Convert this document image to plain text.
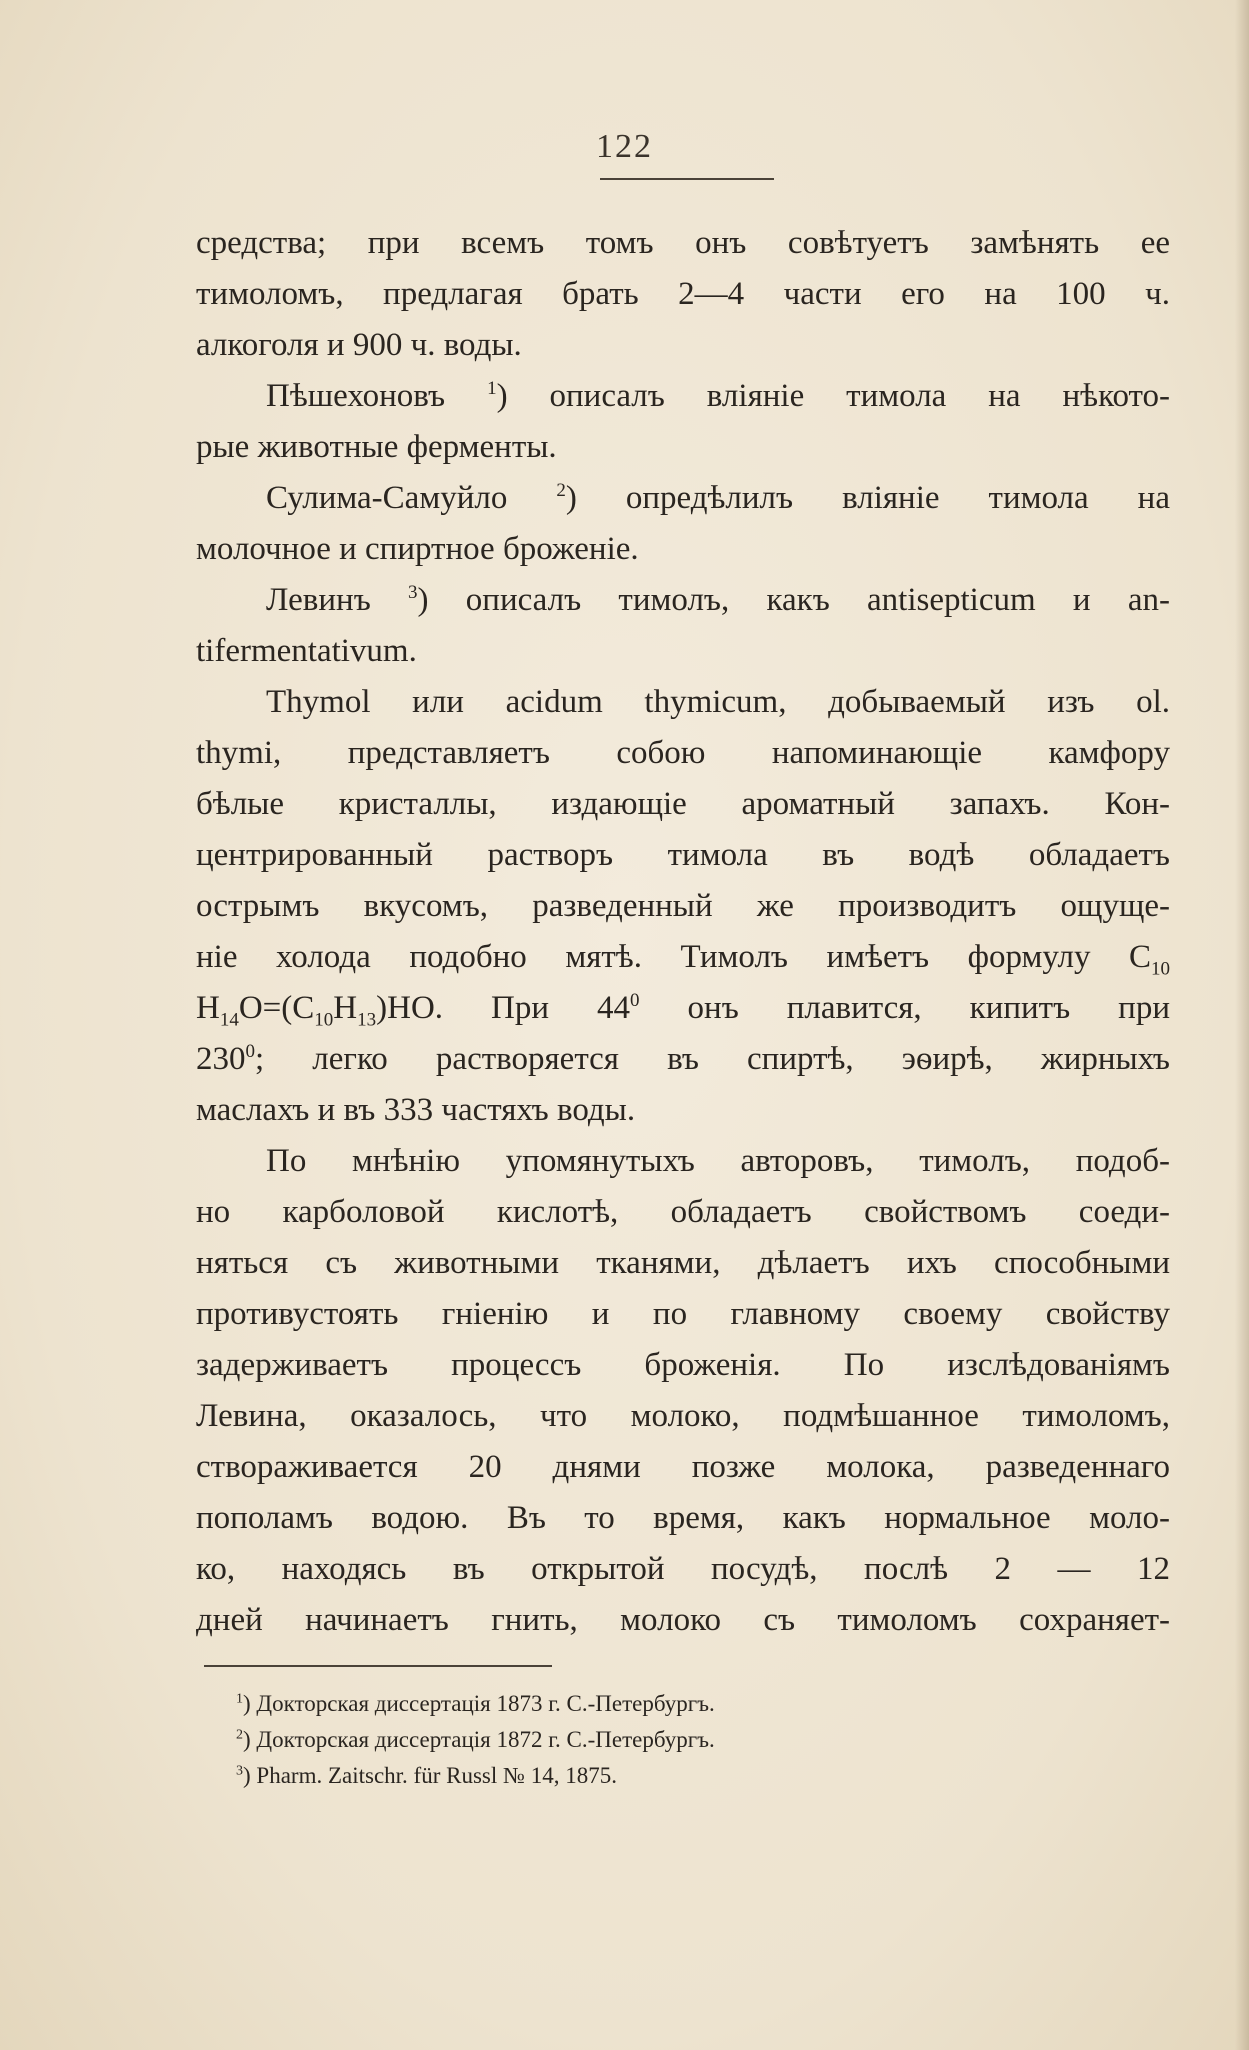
122
средства; при всемъ томъ онъ совѣтуетъ замѣнять ее
тимоломъ, предлагая брать 2—4 части его на 100 ч.
алкоголя и 900 ч. воды.
Пѣшехоновъ $^1$) описалъ вліяніе тимола на нѣкото-
рые животные ферменты.
Сулима-Самуйло $^2$) опредѣлилъ вліяніе тимола на
молочное и спиртное броженіе.
Левинъ $^3$) описалъ тимолъ, какъ antisepticum и an-
tifermentativum.
Thymol или acidum thymicum, добываемый изъ ol.
thymi, представляетъ собою напоминающіе камфору
бѣлые кристаллы, издающіе ароматный запахъ. Кон-
центрированный растворъ тимола въ водѣ обладаетъ
острымъ вкусомъ, разведенный же производитъ ощуще-
ніе холода подобно мятѣ. Тимолъ имѣетъ формулу $C_{10}$
$H_{14}O=(C_{10}H_{13})HO$. При $44^0$ онъ плавится, кипитъ при
$230^0$; легко растворяется въ спиртѣ, эѳирѣ, жирныхъ
маслахъ и въ 333 частяхъ воды.
По мнѣнію упомянутыхъ авторовъ, тимолъ, подоб-
но карболовой кислотѣ, обладаетъ свойствомъ соеди-
няться съ животными тканями, дѣлаетъ ихъ способными
противустоять гніенію и по главному своему свойству
задерживаетъ процессъ броженія. По изслѣдованіямъ
Левина, оказалось, что молоко, подмѣшанное тимоломъ,
створаживается 20 днями позже молока, разведеннаго
пополамъ водою. Въ то время, какъ нормальное моло-
ко, находясь въ открытой посудѣ, послѣ 2 — 12
дней начинаетъ гнить, молоко съ тимоломъ сохраняет-
$^1$) Докторская диссертація 1873 г. С.-Петербургъ.
$^2$) Докторская диссертація 1872 г. С.-Петербургъ.
$^3$) Pharm. Zaitschr. für Russl № 14, 1875.
